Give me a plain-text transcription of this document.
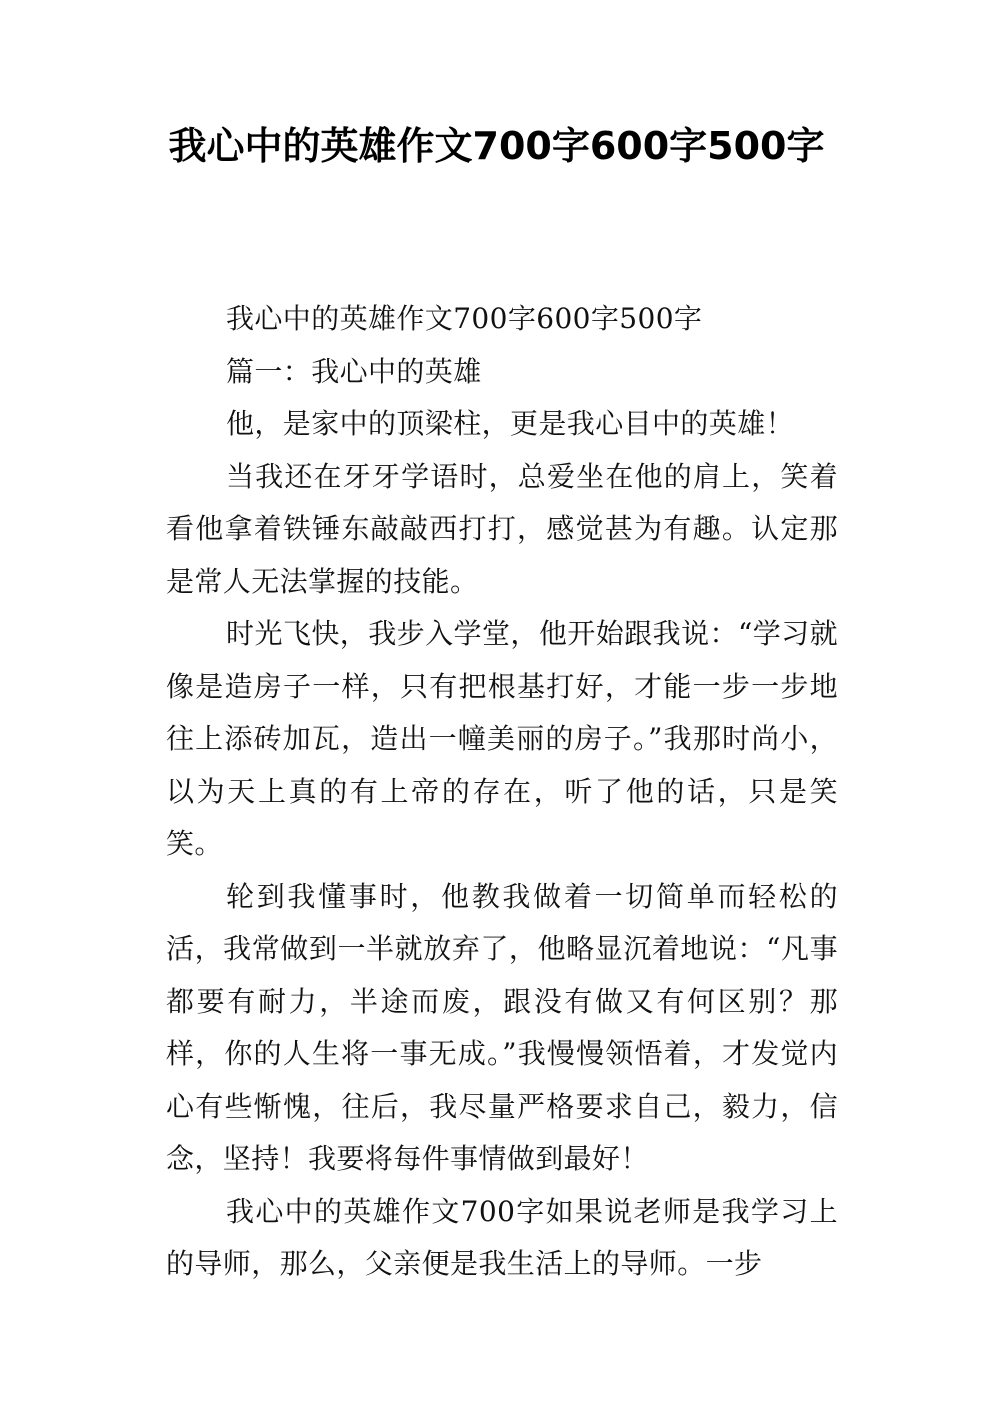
我心中的英雄作文700字600字500字

我心中的英雄作文700字600字500字

篇一：我心中的英雄

他，是家中的顶梁柱，更是我心目中的英雄！

当我还在牙牙学语时，总爱坐在他的肩上，笑着看他拿着铁锤东敲敲西打打，感觉甚为有趣。认定那是常人无法掌握的技能。

时光飞快，我步入学堂，他开始跟我说：“学习就像是造房子一样，只有把根基打好，才能一步一步地往上添砖加瓦，造出一幢美丽的房子。”我那时尚小，以为天上真的有上帝的存在，听了他的话，只是笑笑。

轮到我懂事时，他教我做着一切简单而轻松的活，我常做到一半就放弃了，他略显沉着地说：“凡事都要有耐力，半途而废，跟没有做又有何区别？那样，你的人生将一事无成。”我慢慢领悟着，才发觉内心有些惭愧，往后，我尽量严格要求自己，毅力，信念，坚持！我要将每件事情做到最好！

我心中的英雄作文700字如果说老师是我学习上的导师，那么，父亲便是我生活上的导师。一步
